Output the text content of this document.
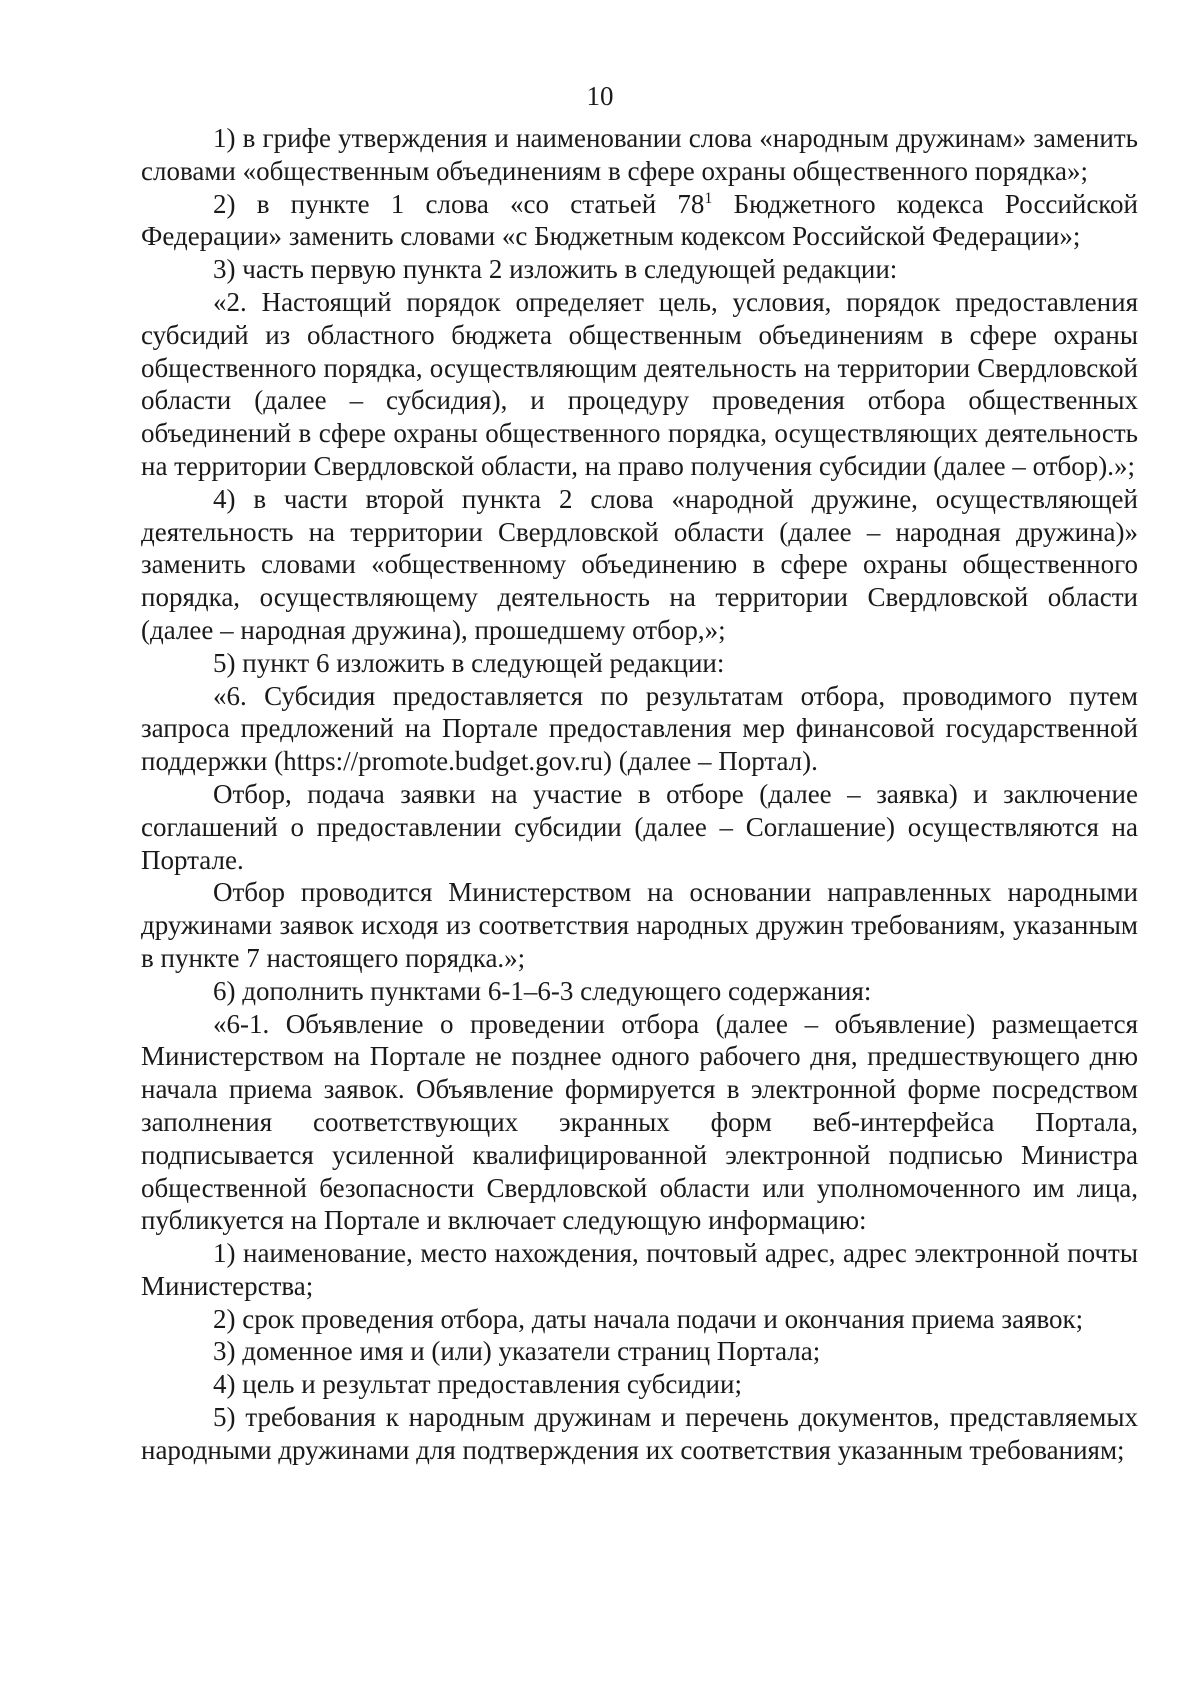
10

1) в грифе утверждения и наименовании слова «народным дружинам» заменить словами «общественным объединениям в сфере охраны общественного порядка»;

2) в пункте 1 слова «со статьей $78^1$ Бюджетного кодекса Российской Федерации» заменить словами «с Бюджетным кодексом Российской Федерации»;

3) часть первую пункта 2 изложить в следующей редакции:

«2. Настоящий порядок определяет цель, условия, порядок предоставления субсидий из областного бюджета общественным объединениям в сфере охраны общественного порядка, осуществляющим деятельность на территории Свердловской области (далее – субсидия), и процедуру проведения отбора общественных объединений в сфере охраны общественного порядка, осуществляющих деятельность на территории Свердловской области, на право получения субсидии (далее – отбор).»;

4) в части второй пункта 2 слова «народной дружине, осуществляющей деятельность на территории Свердловской области (далее – народная дружина)» заменить словами «общественному объединению в сфере охраны общественного порядка, осуществляющему деятельность на территории Свердловской области (далее – народная дружина), прошедшему отбор,»;

5) пункт 6 изложить в следующей редакции:

«6. Субсидия предоставляется по результатам отбора, проводимого путем запроса предложений на Портале предоставления мер финансовой государственной поддержки (https://promote.budget.gov.ru) (далее – Портал).

Отбор, подача заявки на участие в отборе (далее – заявка) и заключение соглашений о предоставлении субсидии (далее – Соглашение) осуществляются на Портале.

Отбор проводится Министерством на основании направленных народными дружинами заявок исходя из соответствия народных дружин требованиям, указанным в пункте 7 настоящего порядка.»;

6) дополнить пунктами 6-1–6-3 следующего содержания:

«6-1. Объявление о проведении отбора (далее – объявление) размещается Министерством на Портале не позднее одного рабочего дня, предшествующего дню начала приема заявок. Объявление формируется в электронной форме посредством заполнения соответствующих экранных форм веб-интерфейса Портала, подписывается усиленной квалифицированной электронной подписью Министра общественной безопасности Свердловской области или уполномоченного им лица, публикуется на Портале и включает следующую информацию:

1) наименование, место нахождения, почтовый адрес, адрес электронной почты Министерства;

2) срок проведения отбора, даты начала подачи и окончания приема заявок;

3) доменное имя и (или) указатели страниц Портала;

4) цель и результат предоставления субсидии;

5) требования к народным дружинам и перечень документов, представляемых народными дружинами для подтверждения их соответствия указанным требованиям;
